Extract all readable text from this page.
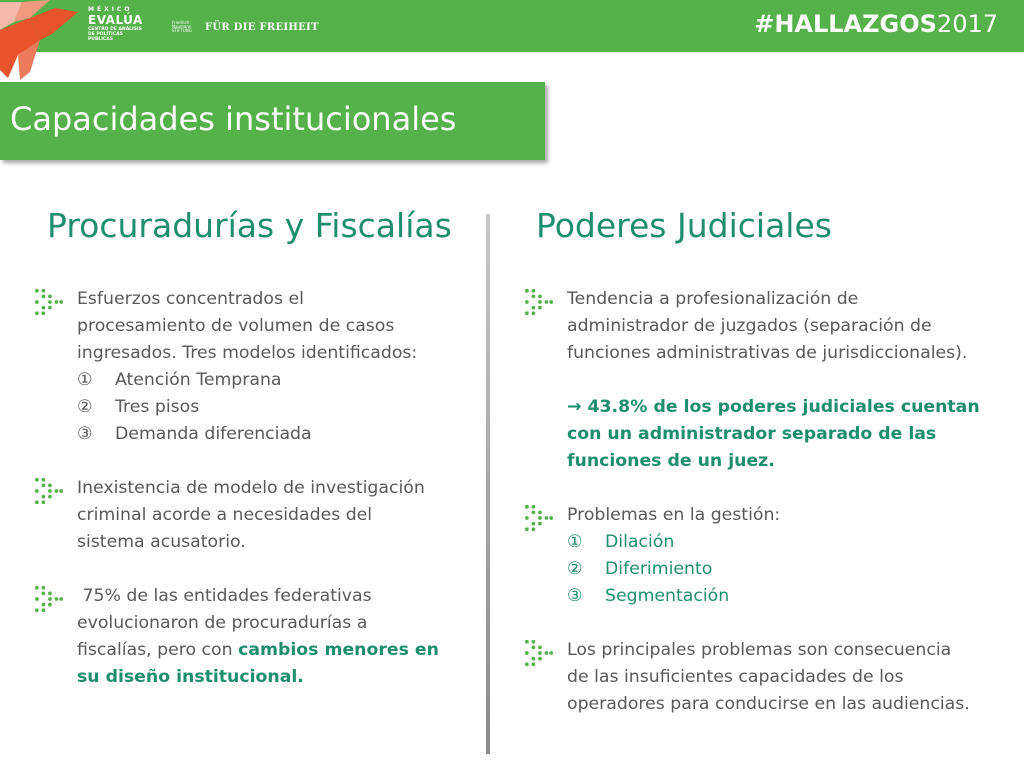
MÉXICO
EVALÚA
CENTRO DE ANÁLISIS
DE POLÍTICAS PÚBLICAS
Friedrich Naumann STIFTUNG	FÜR DIE FREIHEIT	#HALLAZGOS2017
Capacidades institucionales
Procuradurías y Fiscalías	Poderes Judiciales
Esfuerzos concentrados el
procesamiento de volumen de casos
ingresados. Tres modelos identificados:
①	Atención Temprana
②	Tres pisos
③	Demanda diferenciada
Inexistencia de modelo de investigación
criminal acorde a necesidades del
sistema acusatorio.
75% de las entidades federativas
evolucionaron de procuradurías a
fiscalías, pero con cambios menores en
su diseño institucional.
Tendencia a profesionalización de
administrador de juzgados (separación de
funciones administrativas de jurisdiccionales).
→ 43.8% de los poderes judiciales cuentan
con un administrador separado de las
funciones de un juez.
Problemas en la gestión:
①	Dilación
②	Diferimiento
③	Segmentación
Los principales problemas son consecuencia
de las insuficientes capacidades de los
operadores para conducirse en las audiencias.
